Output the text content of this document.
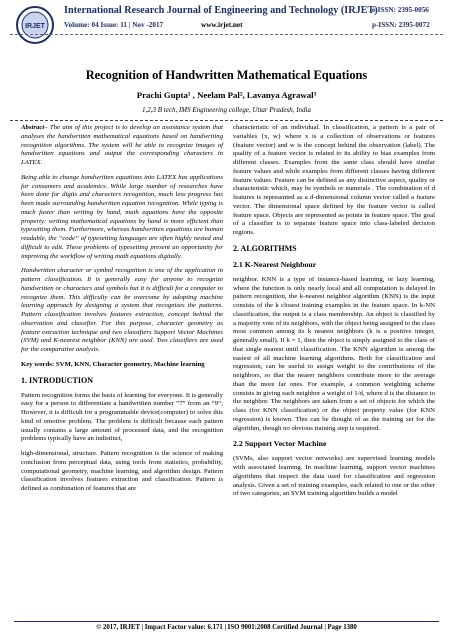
IRJET
International Research Journal of Engineering and Technology (IRJET)
Volume: 04 Issue: 11 | Nov -2017	www.irjet.net
e-ISSN: 2395-0056
p-ISSN: 2395-0072
Recognition of Handwritten Mathematical Equations
Prachi Gupta¹ , Neelam Pal², Lavanya Agrawal³
1,2,3 B tech, IMS Engineering college, Uttar Pradesh, India

Abstract– The aim of this project is to develop an assistance system that analyses the handwritten mathematical equations based on handwriting recognition algorithms. The system will be able to recognize images of handwritten equations and output the corresponding characters in LATEX.

Being able to change handwritten equations into LATEX has applications for consumers and academics. While large number of researches have been done for digits and characters recognition, much less progress has been made surrounding handwritten equation recognition. While typing is much faster than writing by hand, math equations have the opposite property: writing mathematical equations by hand is more efficient than typesetting them. Furthermore, whereas handwritten equations are human readable, the “code” of typesetting languages are often highly nested and difficult to edit. These problems of typesetting present an opportunity for improving the workflow of writing math equations digitally.

Handwritten character or symbol recognition is one of the application in pattern classification. It is generally easy for anyone to recognize handwritten or characters and symbols but it is difficult for a computer to recognize them. This difficulty can be overcome by adopting machine learning approach by designing a system that recognizes the patterns. Pattern classification involves features extraction, concept behind the observation and classifier. For this purpose, character geometry as feature extraction technique and two classifiers Support Vector Machines (SVM) and K-nearest neighbor (KNN) are used. Two classifiers are used for the comparative analysis.

Key words: SVM, KNN, Character geometry, Machine learning

1. INTRODUCTION

Pattern recognition forms the basis of learning for everyone. It is generally easy for a person to differentiate a handwritten number “7” from an “9”; However, it is difficult for a programmable device(computer) to solve this kind of emotive problem. The problem is difficult because each pattern usually contains a large amount of processed data, and the recognition problems typically have an indistinct,

high-dimensional, structure. Pattern recognition is the science of making conclusion from perceptual data, using tools from statistics, probability, computational geometry, machine learning, and algorithm design. Pattern classification involves features extraction and classification. Pattern is defined as combination of features that are

characteristic of an individual. In classification, a pattern is a pair of variables {x, w} where x is a collection of observations or features (feature vector) and w is the concept behind the observation (label). The quality of a feature vector is related to its ability to bias examples from different classes. Examples from the same class should have similar feature values and while examples from different classes having different feature values. Feature can be defined as any distinctive aspect, quality or characteristic which, may be symbols or numerals . The combination of d features is represented as a d-dimensional column vector called a feature vector. The dimensional space defined by the feature vector is called feature space. Objects are represented as points in feature space. The goal of a classifier is to separate feature space into class-labeled decision regions.

2. ALGORITHMS
2.1 K-Nearest Neighbour

neighbor. KNN is a type of instance-based learning, or lazy learning, where the function is only nearly local and all computation is delayed In pattern recognition, the k-nearest neighbor algorithm (KNN) is the input consists of the k closest training examples in the feature space. In k-NN classification, the output is a class membership. An object is classified by a majority vote of its neighbors, with the object being assigned to the class most common among its k nearest neighbors (k is a positive integer, generally small). If k = 1, then the object is simply assigned to the class of that single nearest until classification. The KNN algorithm is among the easiest of all machine learning algorithms. Both for classification and regression, can be useful to assign weight to the contributions of the neighbors, so that the nearer neighbors contribute more to the average than the more far ones. For example, a common weighting scheme consists in giving each neighbor a weight of 1/d, where d is the distance to the neighbor. The neighbors are taken from a set of objects for which the class (for KNN classification) or the object property value (for KNN regression) is known. This can be thought of as the training set for the algorithm, though no obvious training step is required.

2.2 Support Vector Machine

(SVMs, also support vector networks) are supervised learning models with associated learning. In machine learning, support vector machines algorithms that inspect the data used for classification and regression analysis. Given a set of training examples, each related to one or the other of two categories, an SVM training algorithm builds a model

© 2017, IRJET | Impact Factor value: 6.171 | ISO 9001:2008 Certified Journal | Page 1380
